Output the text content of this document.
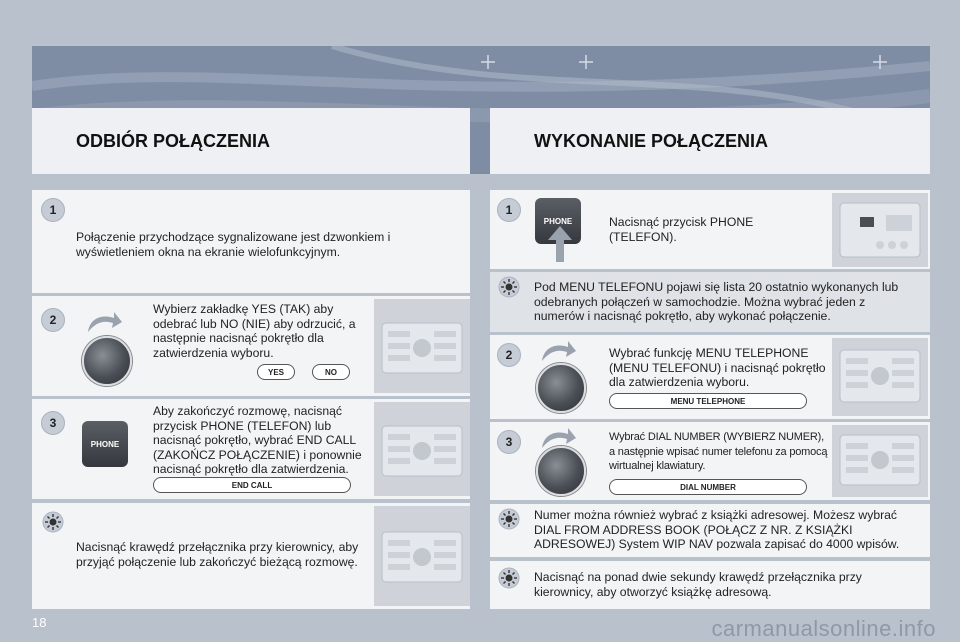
ODBIÓR POŁĄCZENIA
1
Połączenie przychodzące sygnalizowane jest dzwonkiem i wyświetleniem okna na ekranie wielofunkcyjnym.
2
Wybierz zakładkę YES (TAK) aby odebrać lub NO (NIE) aby odrzucić, a następnie nacisnąć pokrętło dla zatwierdzenia wyboru.
YES	NO
3
PHONE
Aby zakończyć rozmowę, nacisnąć przycisk PHONE (TELEFON) lub nacisnąć pokrętło, wybrać END CALL (ZAKOŃCZ POŁĄCZENIE) i ponownie nacisnąć pokrętło dla zatwierdzenia.
END CALL
Nacisnąć krawędź przełącznika przy kierownicy, aby przyjąć połączenie lub zakończyć bieżącą rozmowę.
WYKONANIE POŁĄCZENIA
1
PHONE	Nacisnąć przycisk PHONE (TELEFON).
Pod MENU TELEFONU pojawi się lista 20 ostatnio wykonanych lub odebranych połączeń w samochodzie. Można wybrać jeden z numerów i nacisnąć pokrętło, aby wykonać połączenie.
2	Wybrać funkcję MENU TELEPHONE (MENU TELEFONU) i nacisnąć pokrętło dla zatwierdzenia wyboru.
MENU TELEPHONE
3	Wybrać DIAL NUMBER (WYBIERZ NUMER), a następnie wpisać numer telefonu za pomocą wirtualnej klawiatury.
DIAL NUMBER
Numer można również wybrać z książki adresowej. Możesz wybrać DIAL FROM ADDRESS BOOK (POŁĄCZ Z NR. Z KSIĄŻKI ADRESOWEJ) System WIP NAV pozwala zapisać do 4000 wpisów.
Nacisnąć na ponad dwie sekundy krawędź przełącznika przy kierownicy, aby otworzyć książkę adresową.
18	carmanualsonline.info
